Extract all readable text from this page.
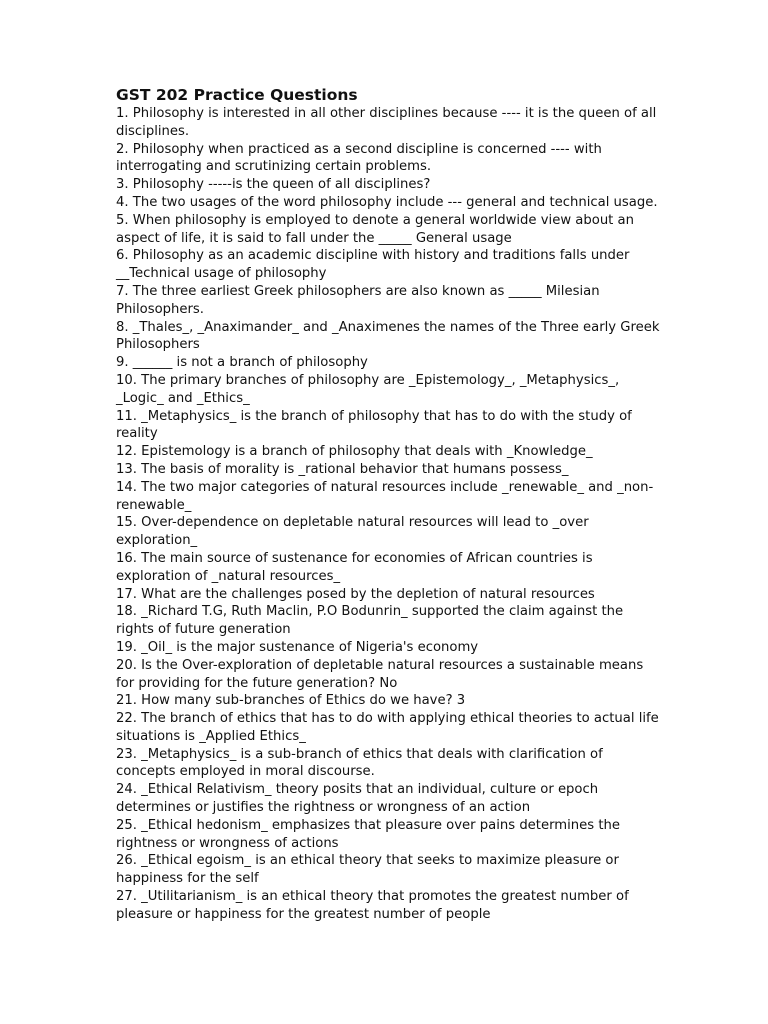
GST 202 Practice Questions
1. Philosophy is interested in all other disciplines because ---- it is the queen of all disciplines.
2. Philosophy when practiced as a second discipline is concerned ---- with interrogating and scrutinizing certain problems.
3. Philosophy -----is the queen of all disciplines?
4. The two usages of the word philosophy include --- general and technical usage.
5. When philosophy is employed to denote a general worldwide view about an aspect of life, it is said to fall under the _____ General usage
6. Philosophy as an academic discipline with history and traditions falls under __Technical usage of philosophy
7. The three earliest Greek philosophers are also known as _____ Milesian Philosophers.
8. _Thales_, _Anaximander_ and _Anaximenes the names of the Three early Greek Philosophers
9. ______ is not a branch of philosophy
10. The primary branches of philosophy are _Epistemology_, _Metaphysics_, _Logic_ and _Ethics_
11. _Metaphysics_ is the branch of philosophy that has to do with the study of reality
12. Epistemology is a branch of philosophy that deals with _Knowledge_
13. The basis of morality is _rational behavior that humans possess_
14. The two major categories of natural resources include _renewable_ and _non-renewable_
15. Over-dependence on depletable natural resources will lead to _over exploration_
16. The main source of sustenance for economies of African countries is exploration of _natural resources_
17. What are the challenges posed by the depletion of natural resources
18. _Richard T.G, Ruth Maclin, P.O Bodunrin_ supported the claim against the rights of future generation
19. _Oil_ is the major sustenance of Nigeria's economy
20. Is the Over-exploration of depletable natural resources a sustainable means for providing for the future generation? No
21. How many sub-branches of Ethics do we have? 3
22. The branch of ethics that has to do with applying ethical theories to actual life situations is _Applied Ethics_
23. _Metaphysics_ is a sub-branch of ethics that deals with clarification of concepts employed in moral discourse.
24. _Ethical Relativism_ theory posits that an individual, culture or epoch determines or justifies the rightness or wrongness of an action
25. _Ethical hedonism_ emphasizes that pleasure over pains determines the rightness or wrongness of actions
26. _Ethical egoism_ is an ethical theory that seeks to maximize pleasure or happiness for the self
27. _Utilitarianism_ is an ethical theory that promotes the greatest number of pleasure or happiness for the greatest number of people
